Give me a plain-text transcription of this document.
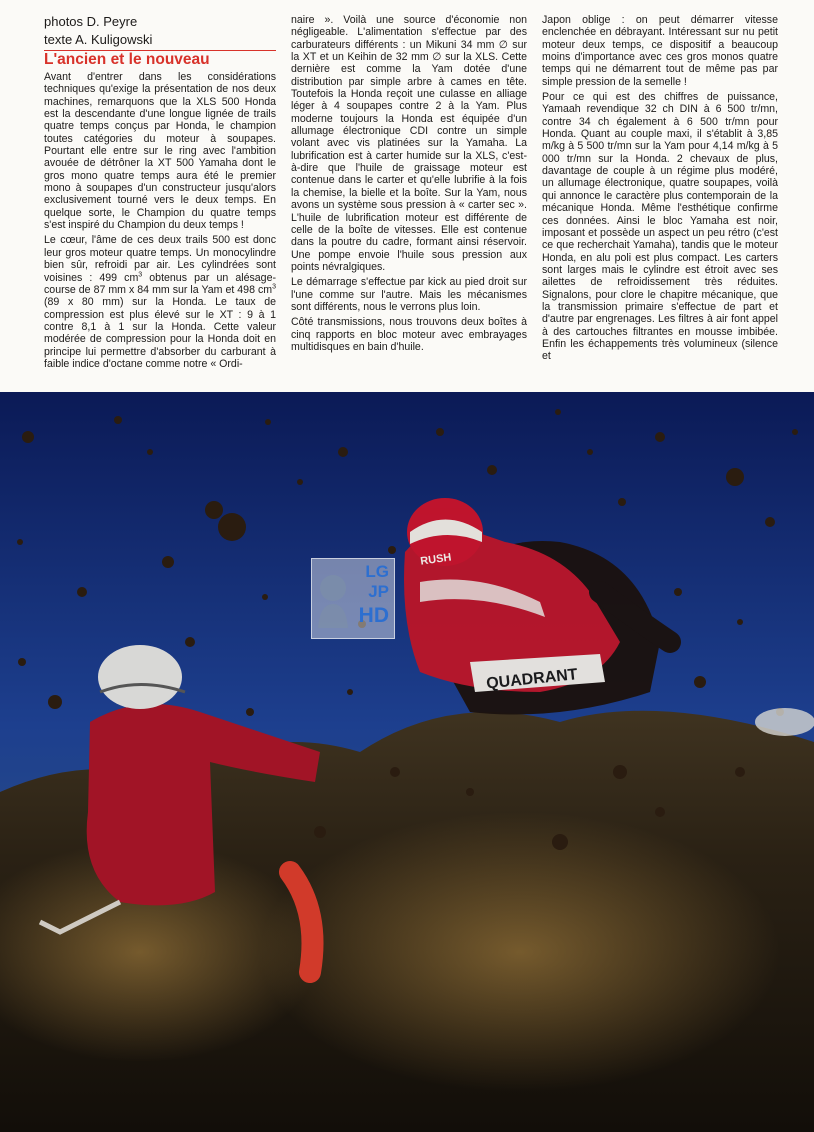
photos D. Peyre

texte A. Kuligowski

L'ancien et le nouveau

Avant d'entrer dans les considérations techniques qu'exige la présentation de nos deux machines, remarquons que la XLS 500 Honda est la descendante d'une longue lignée de trails quatre temps conçus par Honda, le champion toutes catégories du moteur à soupapes. Pourtant elle entre sur le ring avec l'ambition avouée de détrôner la XT 500 Yamaha dont le gros mono quatre temps aura été le premier mono à soupapes d'un constructeur jusqu'alors exclusivement tourné vers le deux temps. En quelque sorte, le Champion du quatre temps s'est inspiré du Champion du deux temps !

Le cœur, l'âme de ces deux trails 500 est donc leur gros moteur quatre temps. Un monocylindre bien sûr, refroidi par air. Les cylindrées sont voisines : 499 $cm^3$ obtenus par un alésage-course de 87 mm x 84 mm sur la Yam et 498 $cm^3$ (89 x 80 mm) sur la Honda. Le taux de compression est plus élevé sur le XT : 9 à 1 contre 8,1 à 1 sur la Honda. Cette valeur modérée de compression pour la Honda doit en principe lui permettre d'absorber du carburant à faible indice d'octane comme notre « Ordi-

naire ». Voilà une source d'économie non négligeable. L'alimentation s'effectue par des carburateurs différents : un Mikuni 34 mm ∅ sur la XT et un Keihin de 32 mm ∅ sur la XLS. Cette dernière est comme la Yam dotée d'une distribution par simple arbre à cames en tête. Toutefois la Honda reçoit une culasse en alliage léger à 4 soupapes contre 2 à la Yam. Plus moderne toujours la Honda est équipée d'un allumage électronique CDI contre un simple volant avec vis platinées sur la Yamaha. La lubrification est à carter humide sur la XLS, c'est-à-dire que l'huile de graissage moteur est contenue dans le carter et qu'elle lubrifie à la fois la chemise, la bielle et la boîte. Sur la Yam, nous avons un système sous pression à « carter sec ». L'huile de lubrification moteur est différente de celle de la boîte de vitesses. Elle est contenue dans la poutre du cadre, formant ainsi réservoir. Une pompe envoie l'huile sous pression aux points névralgiques.

Le démarrage s'effectue par kick au pied droit sur l'une comme sur l'autre. Mais les mécanismes sont différents, nous le verrons plus loin.

Côté transmissions, nous trouvons deux boîtes à cinq rapports en bloc moteur avec embrayages multidisques en bain d'huile.

Japon oblige : on peut démarrer vitesse enclenchée en débrayant. Intéressant sur nu petit moteur deux temps, ce dispositif a beaucoup moins d'importance avec ces gros monos quatre temps qui ne démarrent tout de même pas par simple pression de la semelle !

Pour ce qui est des chiffres de puissance, Yamaah revendique 32 ch DIN à 6 500 tr/mn, contre 34 ch également à 6 500 tr/mn pour Honda. Quant au couple maxi, il s'établit à 3,85 m/kg à 5 500 tr/mn sur la Yam pour 4,14 m/kg à 5 000 tr/mn sur la Honda. 2 chevaux de plus, davantage de couple à un régime plus modéré, un allumage électronique, quatre soupapes, voilà qui annonce le caractère plus contemporain de la mécanique Honda. Même l'esthétique confirme ces données. Ainsi le bloc Yamaha est noir, imposant et possède un aspect un peu rétro (c'est ce que recherchait Yamaha), tandis que le moteur Honda, en alu poli est plus compact. Les carters sont larges mais le cylindre est étroit avec ses ailettes de refroidissement très réduites. Signalons, pour clore le chapitre mécanique, que la transmission primaire s'effectue de part et d'autre par engrenages. Les filtres à air font appel à des cartouches filtrantes en mousse imbibée. Enfin les échappements très volumineux (silence et

QUADRANT
RUSH
LG
JP
HD
